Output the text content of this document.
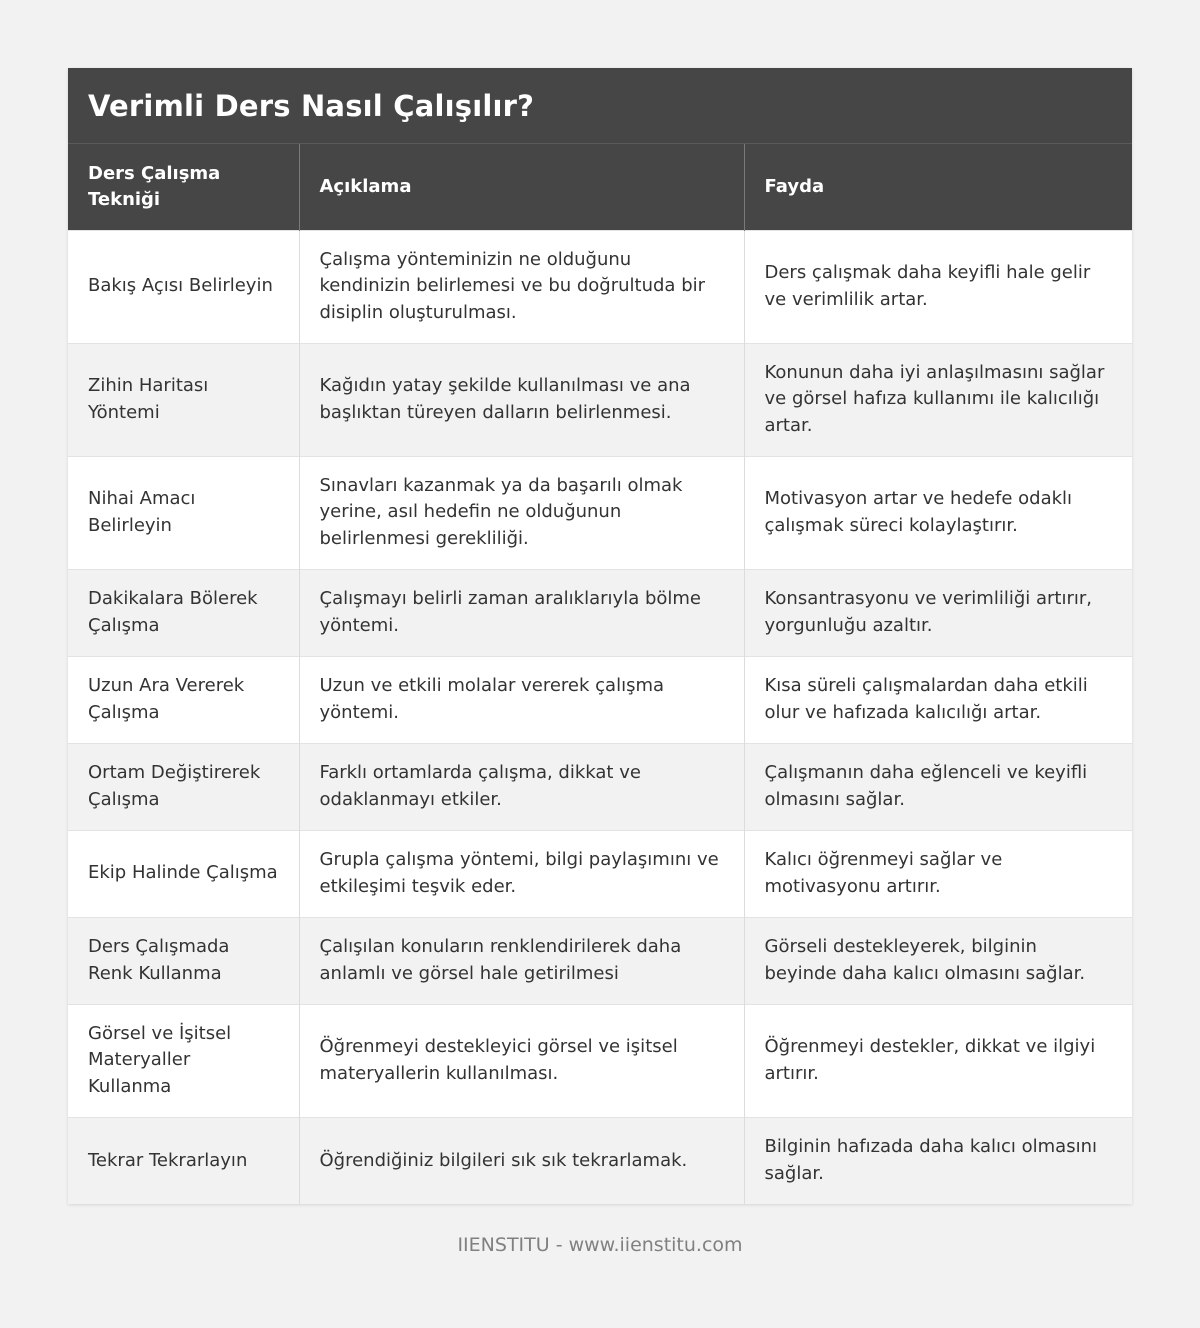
Verimli Ders Nasıl Çalışılır?
Ders Çalışma Tekniği	Açıklama	Fayda
Bakış Açısı Belirleyin	Çalışma yönteminizin ne olduğunu kendinizin belirlemesi ve bu doğrultuda bir disiplin oluşturulması.	Ders çalışmak daha keyifli hale gelir ve verimlilik artar.
Zihin Haritası Yöntemi	Kağıdın yatay şekilde kullanılması ve ana başlıktan türeyen dalların belirlenmesi.	Konunun daha iyi anlaşılmasını sağlar ve görsel hafıza kullanımı ile kalıcılığı artar.
Nihai Amacı Belirleyin	Sınavları kazanmak ya da başarılı olmak yerine, asıl hedefin ne olduğunun belirlenmesi gerekliliği.	Motivasyon artar ve hedefe odaklı çalışmak süreci kolaylaştırır.
Dakikalara Bölerek Çalışma	Çalışmayı belirli zaman aralıklarıyla bölme yöntemi.	Konsantrasyonu ve verimliliği artırır, yorgunluğu azaltır.
Uzun Ara Vererek Çalışma	Uzun ve etkili molalar vererek çalışma yöntemi.	Kısa süreli çalışmalardan daha etkili olur ve hafızada kalıcılığı artar.
Ortam Değiştirerek Çalışma	Farklı ortamlarda çalışma, dikkat ve odaklanmayı etkiler.	Çalışmanın daha eğlenceli ve keyifli olmasını sağlar.
Ekip Halinde Çalışma	Grupla çalışma yöntemi, bilgi paylaşımını ve etkileşimi teşvik eder.	Kalıcı öğrenmeyi sağlar ve motivasyonu artırır.
Ders Çalışmada Renk Kullanma	Çalışılan konuların renklendirilerek daha anlamlı ve görsel hale getirilmesi	Görseli destekleyerek, bilginin beyinde daha kalıcı olmasını sağlar.
Görsel ve İşitsel Materyaller Kullanma	Öğrenmeyi destekleyici görsel ve işitsel materyallerin kullanılması.	Öğrenmeyi destekler, dikkat ve ilgiyi artırır.
Tekrar Tekrarlayın	Öğrendiğiniz bilgileri sık sık tekrarlamak.	Bilginin hafızada daha kalıcı olmasını sağlar.
IIENSTITU - www.iienstitu.com
